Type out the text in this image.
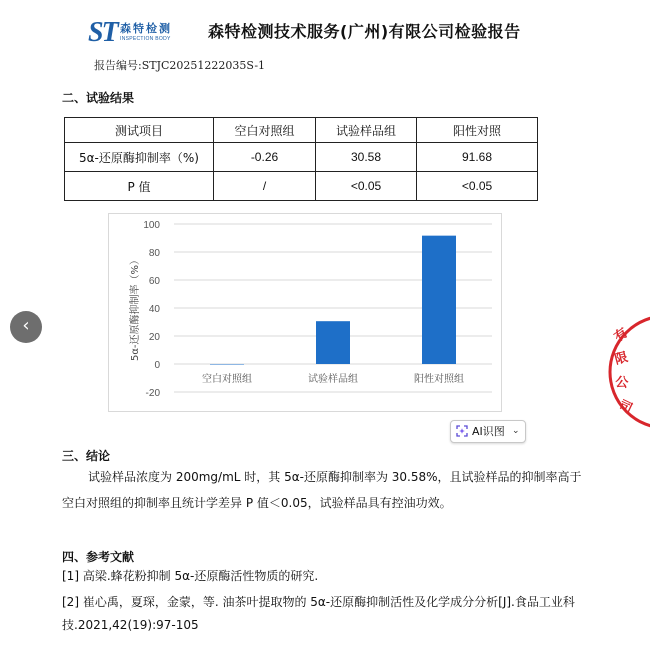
ST 森特检测
INSPECTION BODY 森特检测技术服务(广州)有限公司检验报告
报告编号:STJC20251222035S-1
二、试验结果
测试项目	空白对照组	试验样品组	阳性对照
5α-还原酶抑制率（%)	-0.26	30.58	91.68
P 值	/	<0.05	<0.05
-20
0
20
40
60
80
100
空白对照组	试验样品组	阳性对照组
5α-还原酶抑制率（%）
AI识图 ⌄
‹	有
限
公
司
三、结论
试验样品浓度为 200mg/mL 时，其 5α-还原酶抑制率为 30.58%，且试验样品的抑制率高于
空白对照组的抑制率且统计学差异 P 值＜0.05，试验样品具有控油功效。
四、参考文献
[1] 高梁.蜂花粉抑制 5α-还原酶活性物质的研究.
[2] 崔心禹，夏琛，金蒙，等. 油茶叶提取物的 5α-还原酶抑制活性及化学成分分析[J].食品工业科
技.2021,42(19):97-105
